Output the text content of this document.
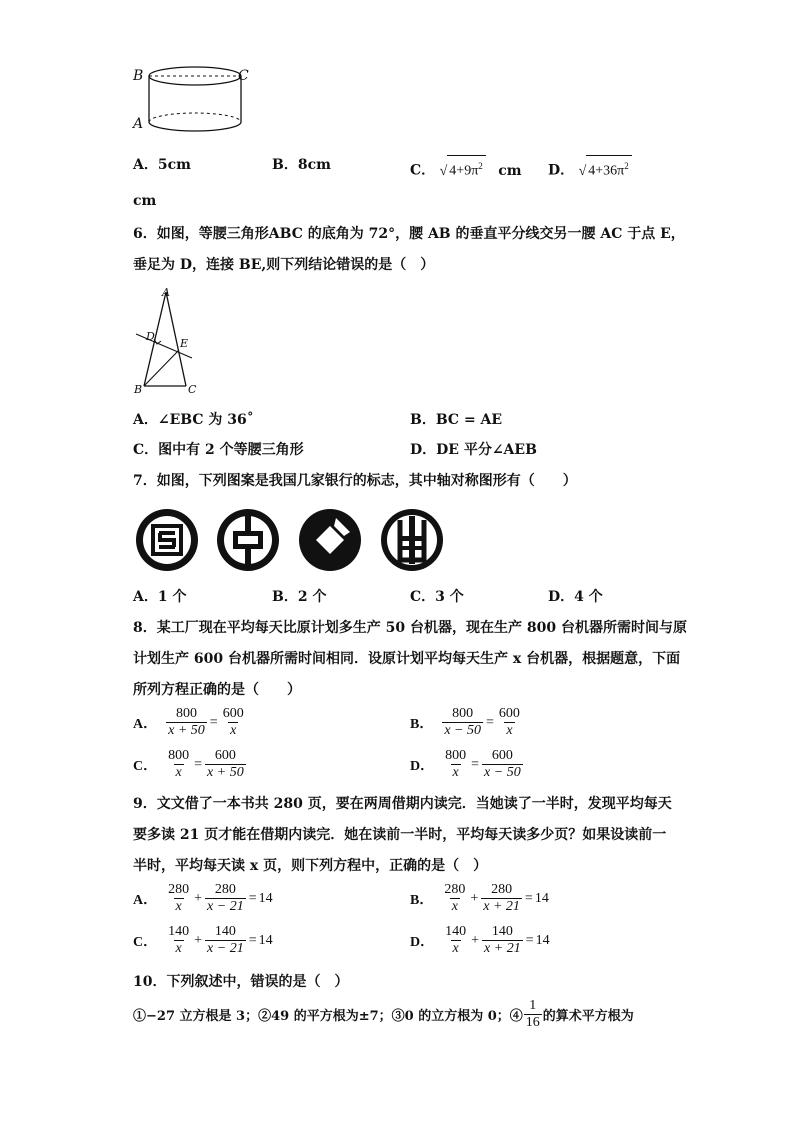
B	C
A
A．5cm	B．8cm	C． √ $4+9\pi^2$ cm D． √ $4+36\pi^2$
cm
6．如图，等腰三角形ABC 的底角为 72°，腰 AB 的垂直平分线交另一腰 AC 于点 E，
垂足为 D，连接 BE,则下列结论错误的是（　）
A
D
E
B	C
A．∠EBC 为 36˚	B．BC = AE
C．图中有 2 个等腰三角形	D．DE 平分∠AEB
7．如图，下列图案是我国几家银行的标志，其中轴对称图形有（　　）
A．1 个	B．2 个	C．3 个	D．4 个
8．某工厂现在平均每天比原计划多生产 50 台机器，现在生产 800 台机器所需时间与原
计划生产 600 台机器所需时间相同．设原计划平均每天生产 x 台机器，根据题意，下面
所列方程正确的是（　　）
A． $\frac{800}{x + 50} = \frac{600}{x}$	B． $\frac{800}{x - 50} = \frac{600}{x}$
C． $\frac{800}{x} = \frac{600}{x + 50}$	D． $\frac{800}{x} = \frac{600}{x - 50}$
9．文文借了一本书共 280 页，要在两周借期内读完．当她读了一半时，发现平均每天
要多读 21 页才能在借期内读完．她在读前一半时，平均每天读多少页？如果设读前一
半时，平均每天读 x 页，则下列方程中，正确的是（　）
A． $\frac{280}{x} + \frac{280}{x - 21} = 14$	B． $\frac{280}{x} + \frac{280}{x + 21} = 14$
C． $\frac{140}{x} + \frac{140}{x - 21} = 14$	D． $\frac{140}{x} + \frac{140}{x + 21} = 14$
10．下列叙述中，错误的是（　）
①−27 立方根是 3；②49 的平方根为±7；③0 的立方根为 0；④ $\frac{1}{16}$ 的算术平方根为
